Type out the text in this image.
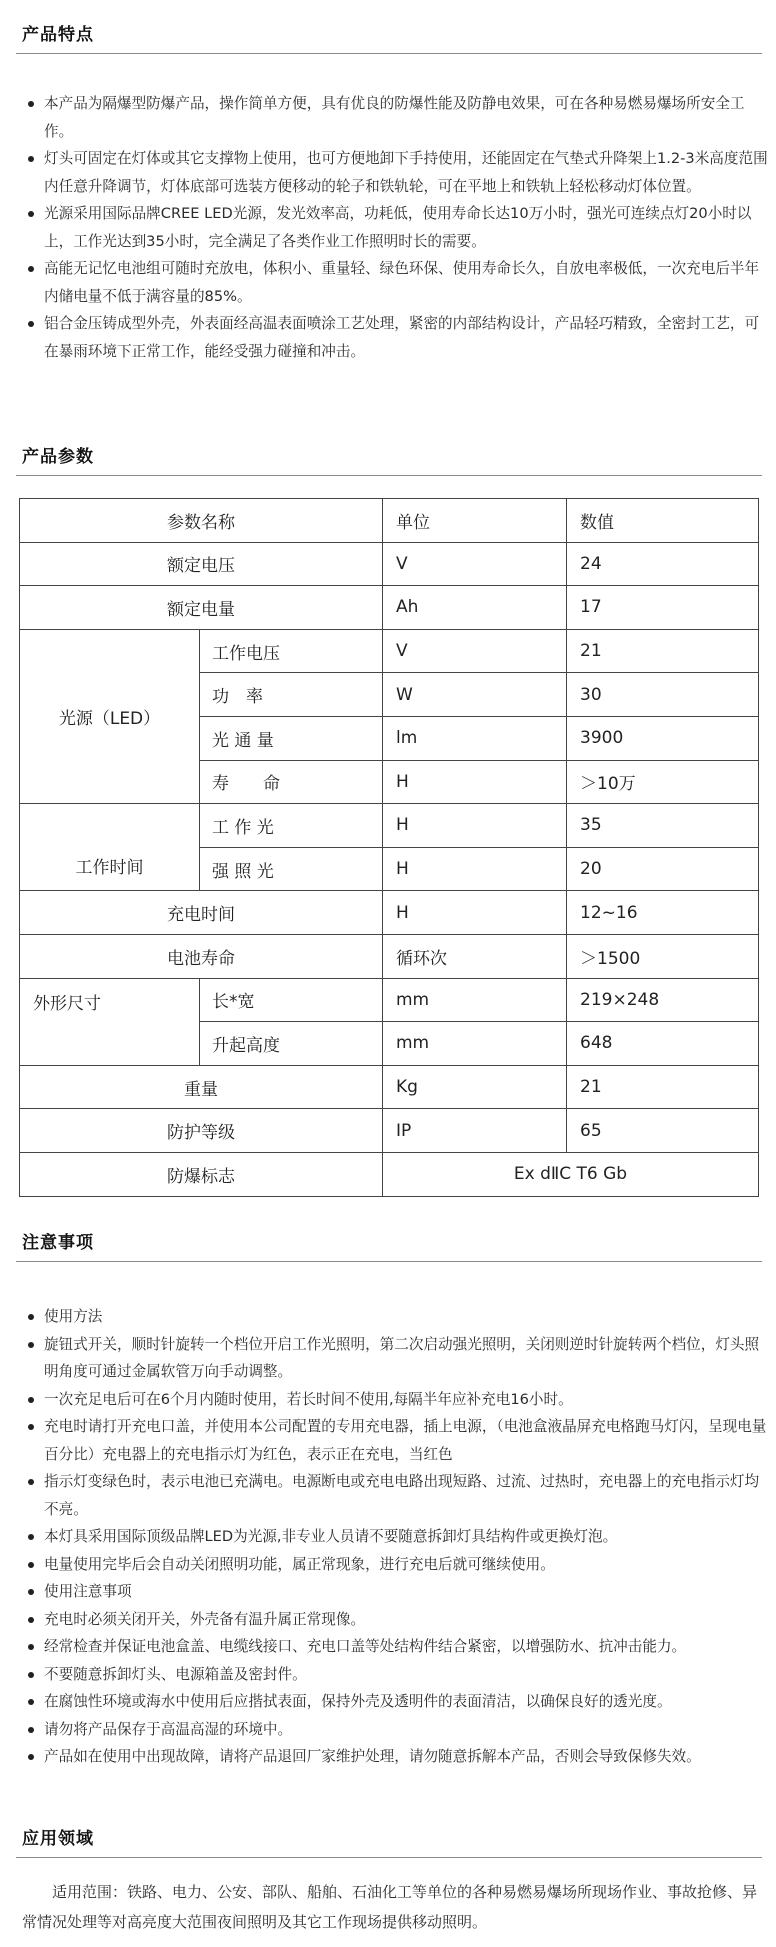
产品特点
本产品为隔爆型防爆产品，操作简单方便，具有优良的防爆性能及防静电效果，可在各种易燃易爆场所安全工作。
灯头可固定在灯体或其它支撑物上使用，也可方便地卸下手持使用，还能固定在气垫式升降架上1.2-3米高度范围内任意升降调节，灯体底部可选装方便移动的轮子和铁轨轮，可在平地上和铁轨上轻松移动灯体位置。
光源采用国际品牌CREE LED光源，发光效率高，功耗低，使用寿命长达10万小时，强光可连续点灯20小时以上，工作光达到35小时，完全满足了各类作业工作照明时长的需要。
高能无记忆电池组可随时充放电，体积小、重量轻、绿色环保、使用寿命长久，自放电率极低，一次充电后半年内储电量不低于满容量的85%。
铝合金压铸成型外壳，外表面经高温表面喷涂工艺处理，紧密的内部结构设计，产品轻巧精致，全密封工艺，可在暴雨环境下正常工作，能经受强力碰撞和冲击。
产品参数
参数名称		单位	数值
额定电压		V	24
额定电量		Ah	17
光源（LED）	工作电压	V	21
	功　率	W	30
	光 通 量	lm	3900
	寿　　命	H	＞10万
工作时间	工 作 光	H	35
	强 照 光	H	20
充电时间		H	12~16
电池寿命		循环次	＞1500
外形尺寸	长*宽	mm	219×248
	升起高度	mm	648
重量		Kg	21
防护等级		IP	65
防爆标志		Ex dⅡC T6 Gb	
注意事项
使用方法
旋钮式开关，顺时针旋转一个档位开启工作光照明，第二次启动强光照明，关闭则逆时针旋转两个档位，灯头照明角度可通过金属软管万向手动调整。
一次充足电后可在6个月内随时使用，若长时间不使用,每隔半年应补充电16小时。
充电时请打开充电口盖，并使用本公司配置的专用充电器，插上电源，（电池盒液晶屏充电格跑马灯闪，呈现电量百分比）充电器上的充电指示灯为红色，表示正在充电，当红色
指示灯变绿色时，表示电池已充满电。电源断电或充电电路出现短路、过流、过热时，充电器上的充电指示灯均不亮。
本灯具采用国际顶级品牌LED为光源,非专业人员请不要随意拆卸灯具结构件或更换灯泡。
电量使用完毕后会自动关闭照明功能，属正常现象，进行充电后就可继续使用。
使用注意事项
充电时必须关闭开关，外壳备有温升属正常现像。
经常检查并保证电池盒盖、电缆线接口、充电口盖等处结构件结合紧密，以增强防水、抗冲击能力。
不要随意拆卸灯头、电源箱盖及密封件。
在腐蚀性环境或海水中使用后应揩拭表面，保持外壳及透明件的表面清洁，以确保良好的透光度。
请勿将产品保存于高温高湿的环境中。
产品如在使用中出现故障，请将产品退回厂家维护处理，请勿随意拆解本产品，否则会导致保修失效。
应用领域
　　适用范围：铁路、电力、公安、部队、船舶、石油化工等单位的各种易燃易爆场所现场作业、事故抢修、异常情况处理等对高亮度大范围夜间照明及其它工作现场提供移动照明。
